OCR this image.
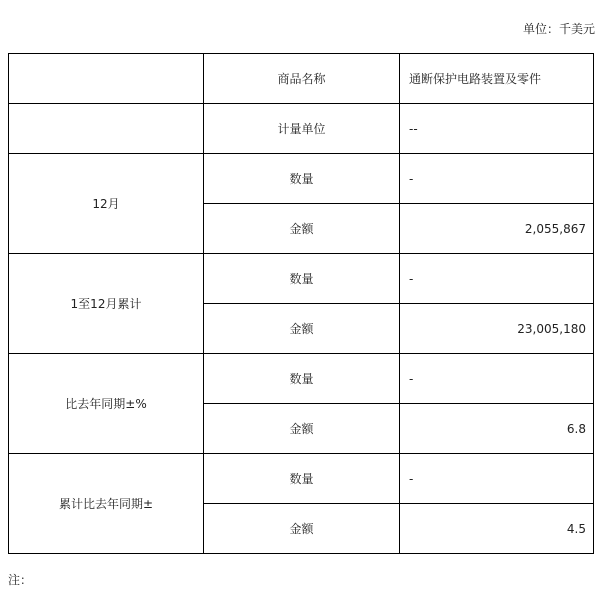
单位：千美元
	商品名称	通断保护电路装置及零件
	计量单位	--
12月	数量	-
	金额	2,055,867
1至12月累计	数量	-
	金额	23,005,180
比去年同期±%	数量	-
	金额	6.8
累计比去年同期±	数量	-
	金额	4.5
注：
